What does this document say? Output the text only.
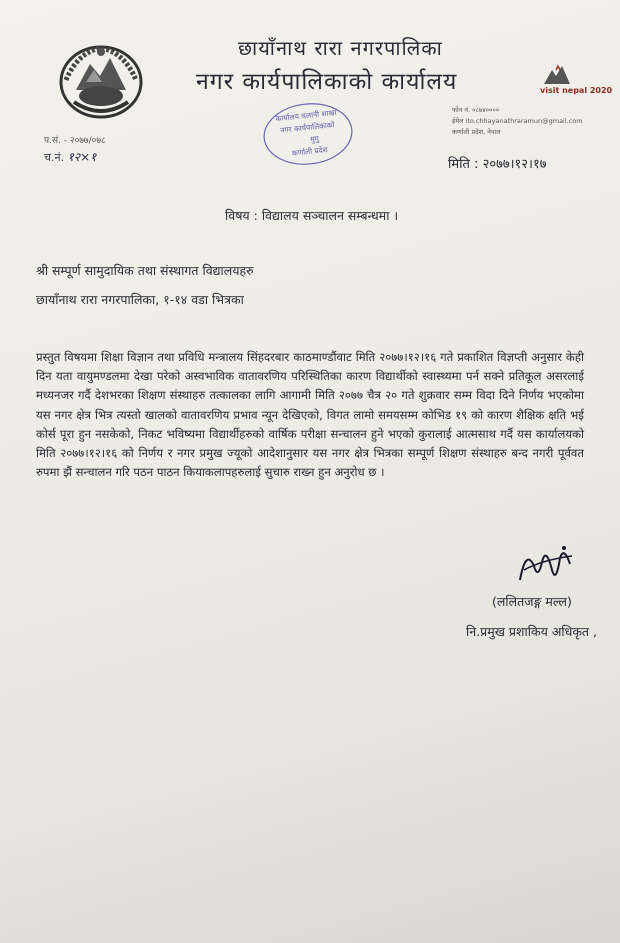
छायाँनाथ रारा नगरपालिका
नगर कार्यपालिकाको कार्यालय	visit nepal 2020
फोन नं. ०८७४००००
ईमेल ito.chhayanathraramun@gmail.com
कर्णाली प्रदेश, नेपाल
प.सं. - २०७७/०७८
च.नं. १२×१
कार्यालय चलानी शाखा
नगर कार्यपालिकाको
मुगु
कर्णाली प्रदेश
मिति : २०७७।१२।१७
विषय : विद्यालय सञ्चालन सम्बन्धमा ।
श्री सम्पूर्ण सामुदायिक तथा संस्थागत विद्यालयहरु
छायाँनाथ रारा नगरपालिका, १-१४ वडा भित्रका
प्रस्तुत विषयमा शिक्षा विज्ञान तथा प्रविधि मन्त्रालय सिंहदरबार काठमाण्डौंवाट मिति २०७७।१२।१६ गते प्रकाशित विज्ञप्ती अनुसार केही दिन यता वायुमण्डलमा देखा परेको अस्वभाविक वातावरणिय परिस्थितिका कारण विद्यार्थीको स्वास्थ्यमा पर्न सक्ने प्रतिकूल असरलाई मध्यनजर गर्दै देशभरका शिक्षण संस्थाहरु तत्कालका लागि आगामी मिति २०७७ चैत्र २० गते शुक्रवार सम्म विदा दिने निर्णय भएकोमा यस नगर क्षेत्र भित्र त्यस्तो खालको वातावरणिय प्रभाव न्यून देखिएको, विगत लामो समयसम्म कोभिड १९ को कारण शैक्षिक क्षति भई कोर्स पूरा हुन नसकेको, निकट भविष्यमा विद्यार्थीहरुको वार्षिक परीक्षा सन्चालन हुने भएको कुरालाई आत्मसाथ गर्दै यस कार्यालयको मिति २०७७।१२।१६ को निर्णय र नगर प्रमुख ज्यूको आदेशानुसार यस नगर क्षेत्र भित्रका सम्पूर्ण शिक्षण संस्थाहरु बन्द नगरी पूर्ववत रुपमा झैं सन्चालन गरि पठन पाठन कियाकलापहरुलाई सुचारु राख्न हुन अनुरोध छ ।
(ललितजङ्ग मल्ल)
नि.प्रमुख प्रशाकिय अधिकृत ,
